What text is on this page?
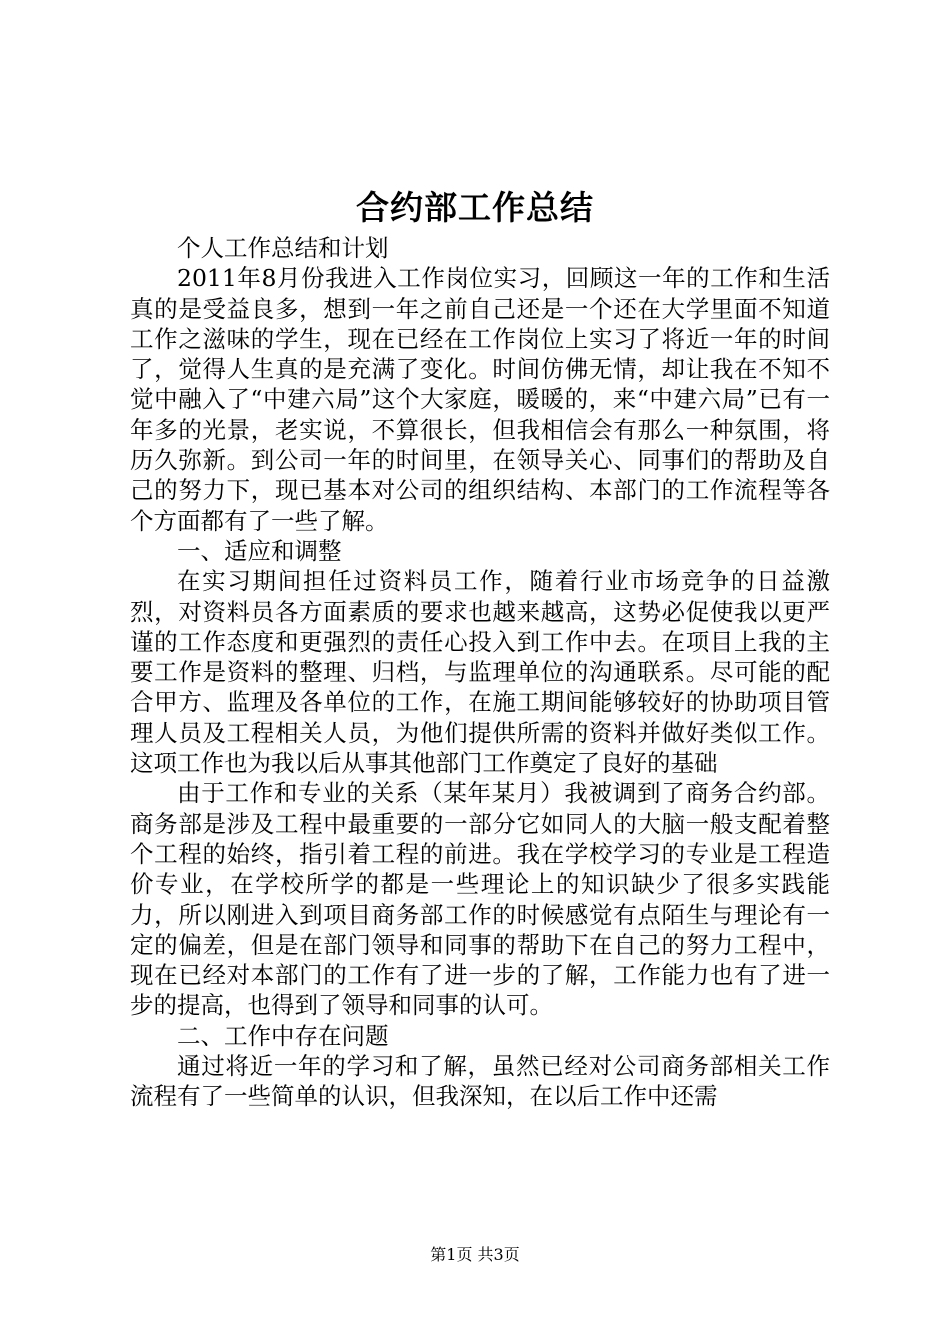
合约部工作总结

个人工作总结和计划

2011年8月份我进入工作岗位实习，回顾这一年的工作和生活真的是受益良多，想到一年之前自己还是一个还在大学里面不知道工作之滋味的学生，现在已经在工作岗位上实习了将近一年的时间了，觉得人生真的是充满了变化。时间仿佛无情，却让我在不知不觉中融入了“中建六局”这个大家庭，暖暖的，来“中建六局”已有一年多的光景，老实说，不算很长，但我相信会有那么一种氛围，将历久弥新。到公司一年的时间里，在领导关心、同事们的帮助及自己的努力下，现已基本对公司的组织结构、本部门的工作流程等各个方面都有了一些了解。

一、适应和调整

在实习期间担任过资料员工作，随着行业市场竞争的日益激烈，对资料员各方面素质的要求也越来越高，这势必促使我以更严谨的工作态度和更强烈的责任心投入到工作中去。在项目上我的主要工作是资料的整理、归档，与监理单位的沟通联系。尽可能的配合甲方、监理及各单位的工作，在施工期间能够较好的协助项目管理人员及工程相关人员，为他们提供所需的资料并做好类似工作。这项工作也为我以后从事其他部门工作奠定了良好的基础

由于工作和专业的关系（某年某月）我被调到了商务合约部。商务部是涉及工程中最重要的一部分它如同人的大脑一般支配着整个工程的始终，指引着工程的前进。我在学校学习的专业是工程造价专业，在学校所学的都是一些理论上的知识缺少了很多实践能力，所以刚进入到项目商务部工作的时候感觉有点陌生与理论有一定的偏差，但是在部门领导和同事的帮助下在自己的努力工程中，现在已经对本部门的工作有了进一步的了解，工作能力也有了进一步的提高，也得到了领导和同事的认可。

二、工作中存在问题

通过将近一年的学习和了解，虽然已经对公司商务部相关工作流程有了一些简单的认识，但我深知，在以后工作中还需

第1页 共3页
